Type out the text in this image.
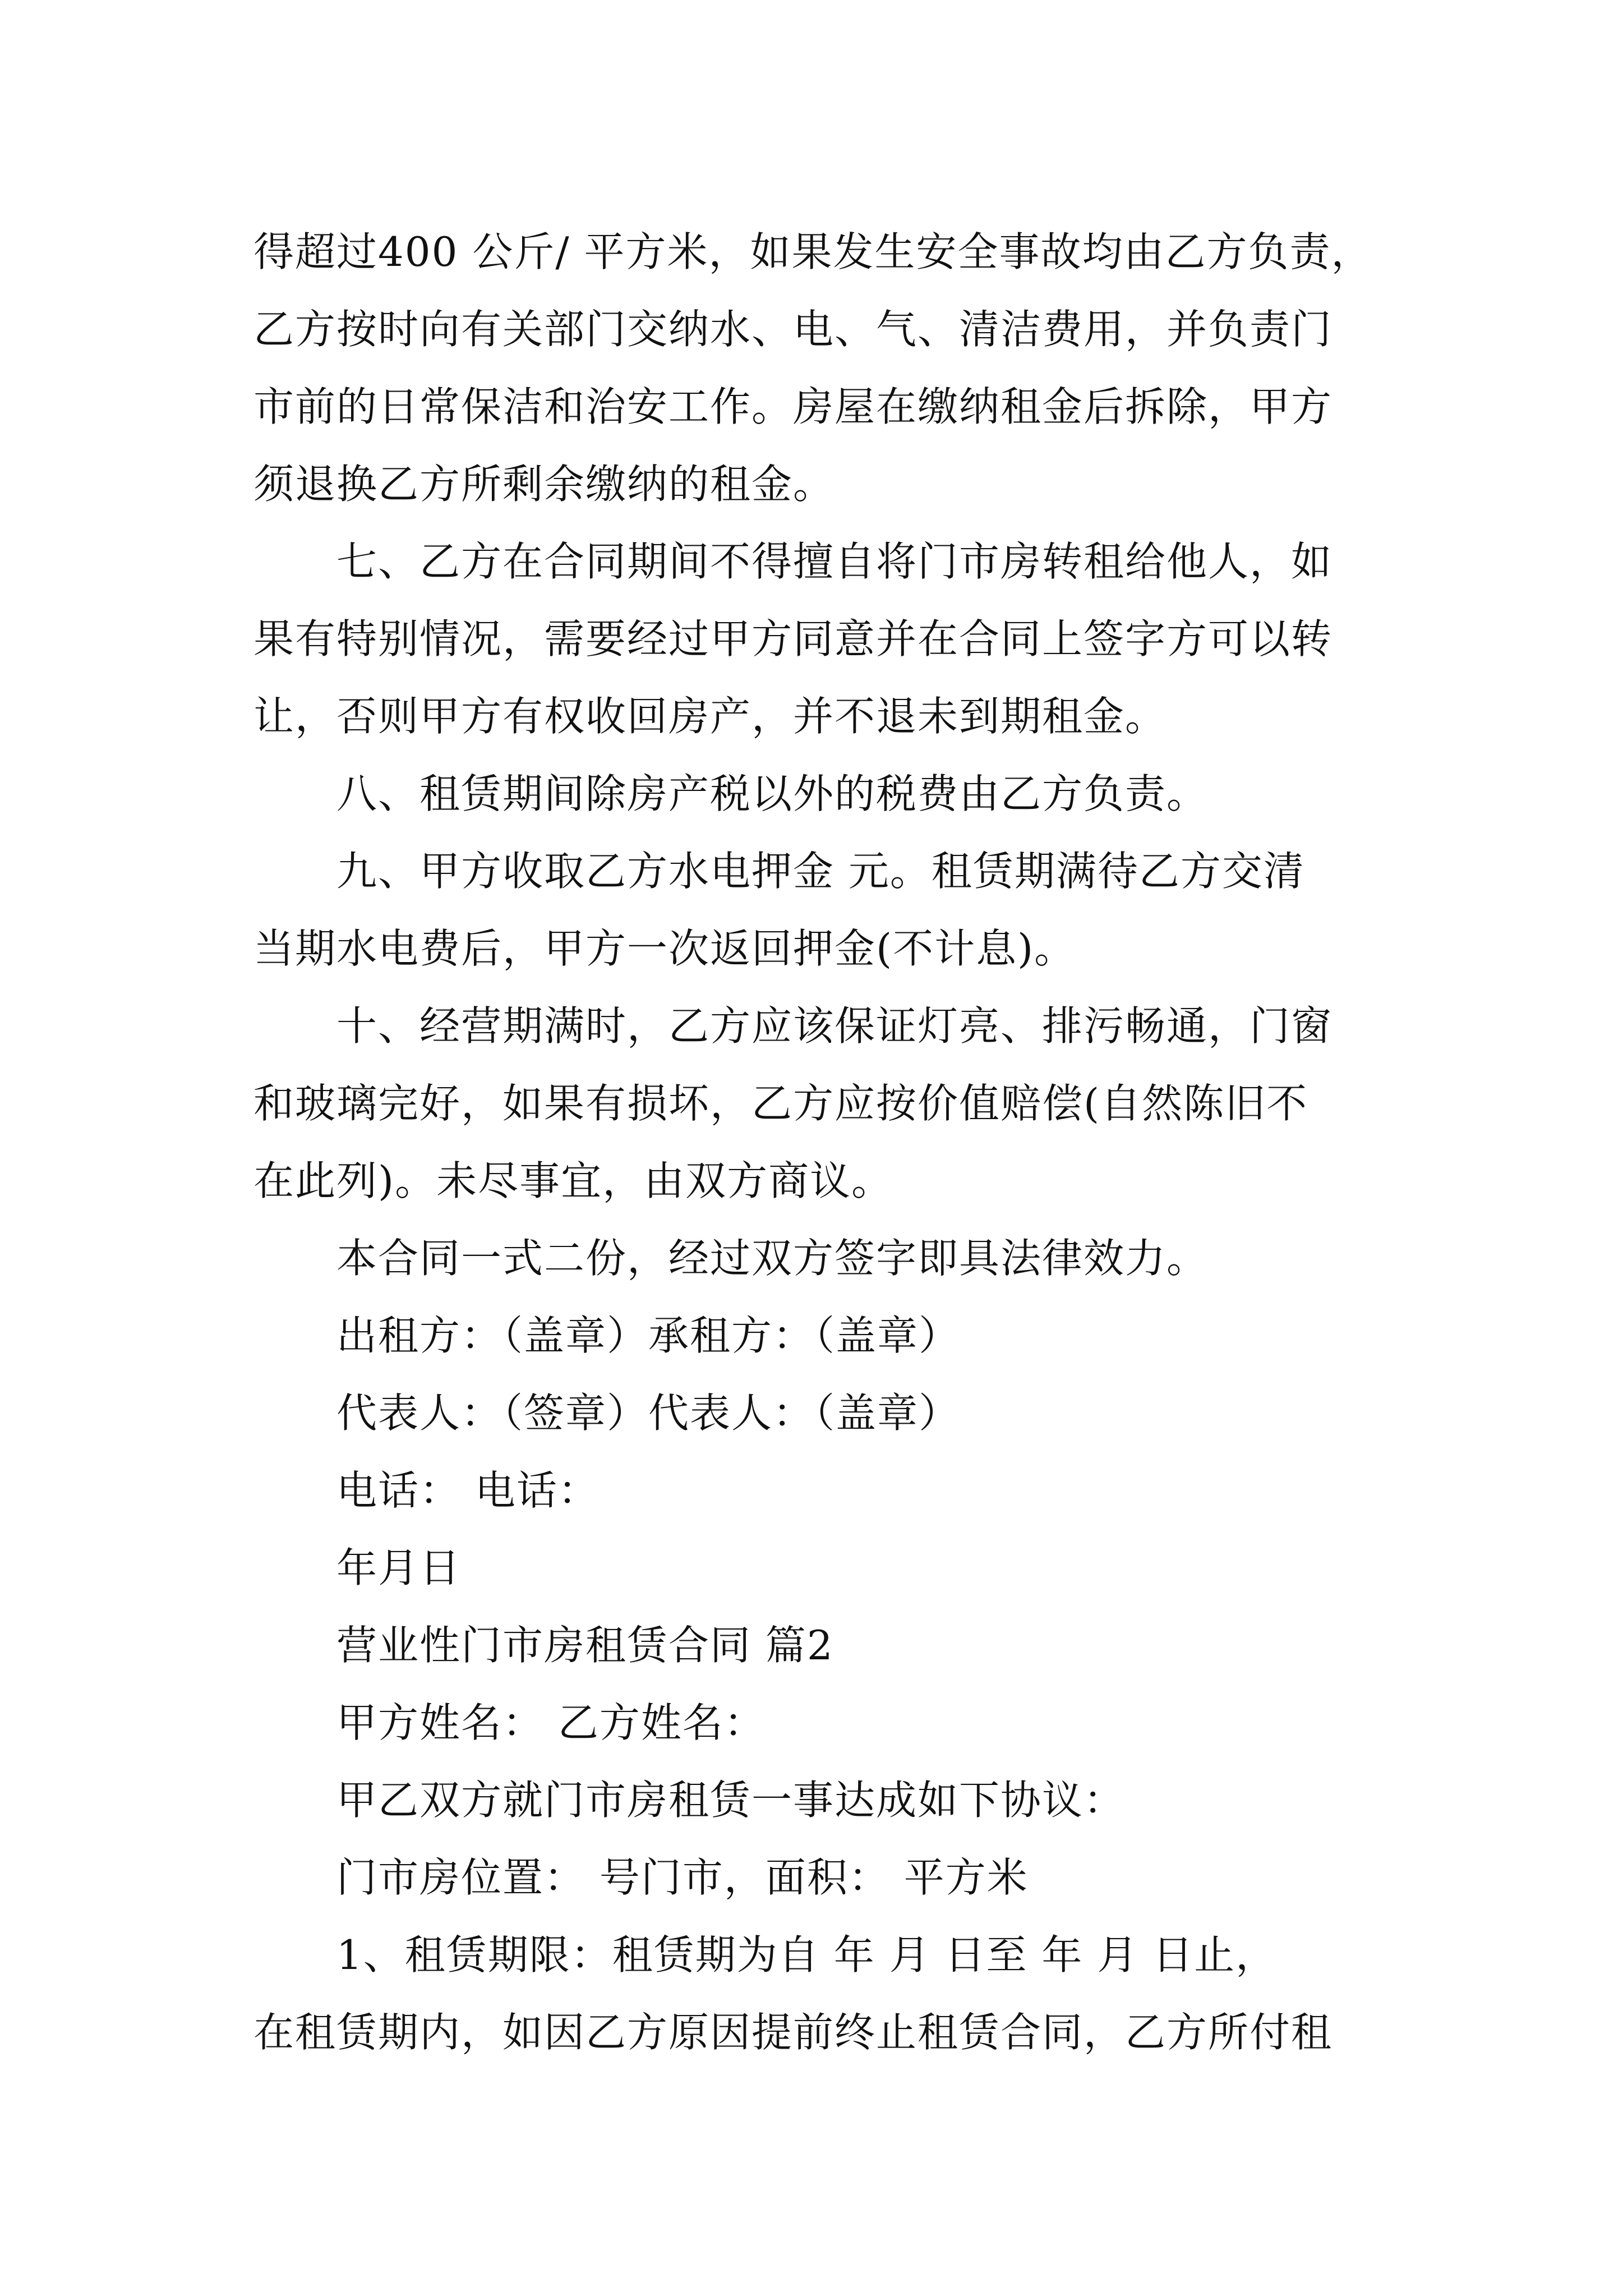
得超过400 公斤/ 平方米，如果发生安全事故均由乙方负责，
乙方按时向有关部门交纳水、电、气、清洁费用，并负责门
市前的日常保洁和治安工作。房屋在缴纳租金后拆除，甲方
须退换乙方所剩余缴纳的租金。
七、乙方在合同期间不得擅自将门市房转租给他人，如
果有特别情况，需要经过甲方同意并在合同上签字方可以转
让，否则甲方有权收回房产，并不退未到期租金。
八、租赁期间除房产税以外的税费由乙方负责。
九、甲方收取乙方水电押金 元。租赁期满待乙方交清
当期水电费后，甲方一次返回押金(不计息)。
十、经营期满时，乙方应该保证灯亮、排污畅通，门窗
和玻璃完好，如果有损坏，乙方应按价值赔偿(自然陈旧不
在此列)。未尽事宜，由双方商议。
本合同一式二份，经过双方签字即具法律效力。
出租方：（盖章）承租方：（盖章）
代表人：（签章）代表人：（盖章）
电话： 电话：
年月日
营业性门市房租赁合同 篇2
甲方姓名： 乙方姓名：
甲乙双方就门市房租赁一事达成如下协议：
门市房位置： 号门市，面积： 平方米
1、租赁期限：租赁期为自 年 月 日至 年 月 日止，
在租赁期内，如因乙方原因提前终止租赁合同，乙方所付租
